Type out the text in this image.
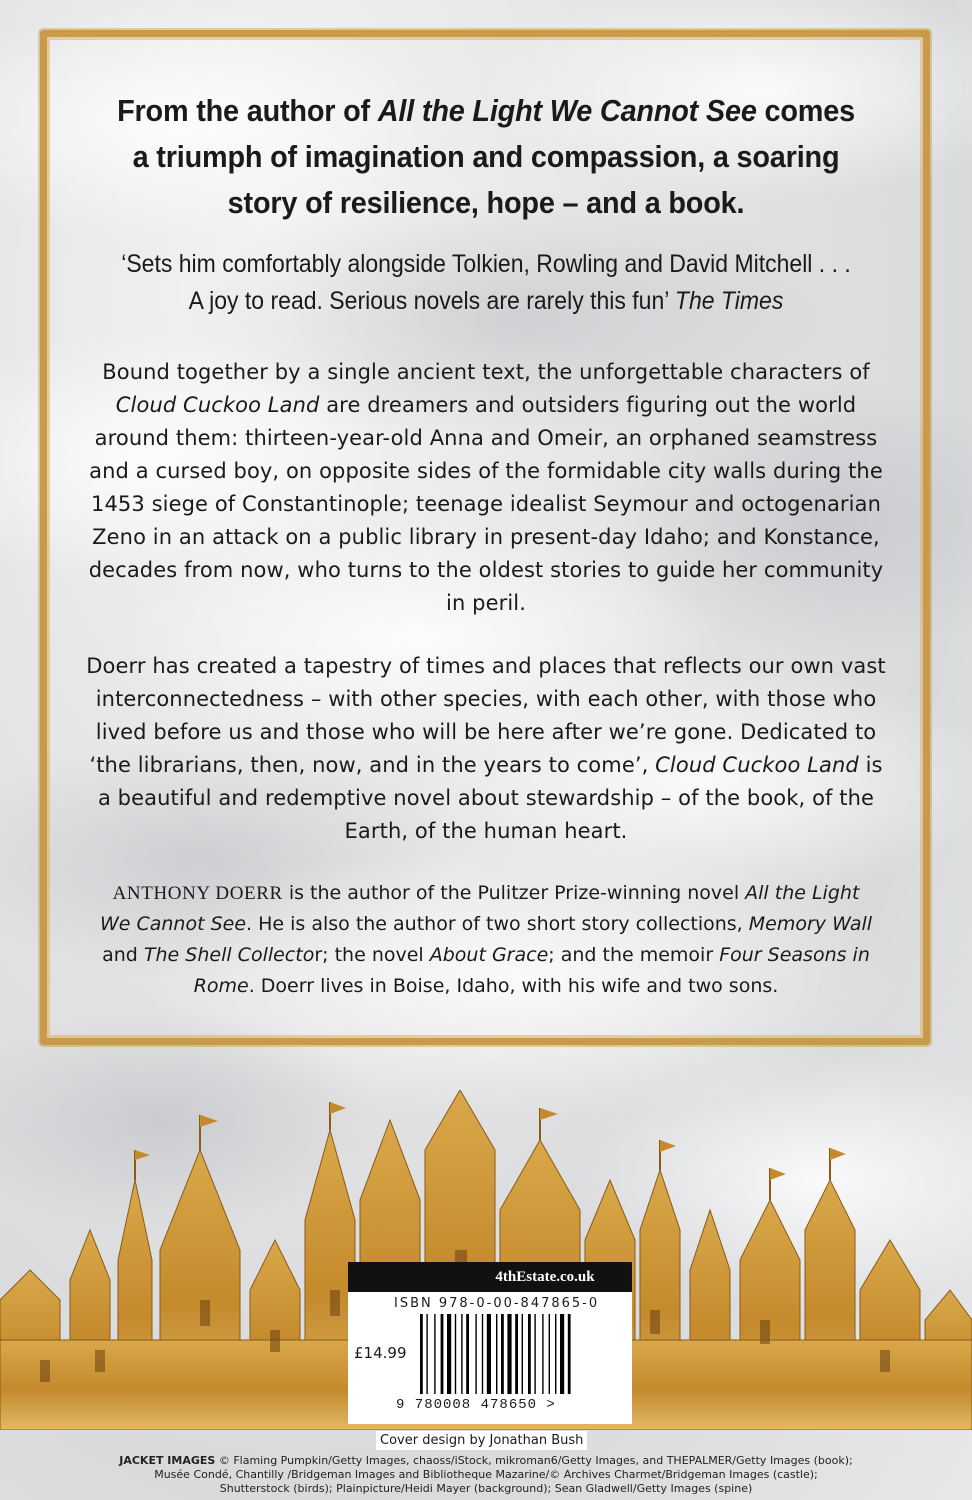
From the author of All the Light We Cannot See comes a triumph of imagination and compassion, a soaring story of resilience, hope – and a book.

‘Sets him comfortably alongside Tolkien, Rowling and David Mitchell . . . A joy to read. Serious novels are rarely this fun’ The Times

Bound together by a single ancient text, the unforgettable characters of Cloud Cuckoo Land are dreamers and outsiders figuring out the world around them: thirteen-year-old Anna and Omeir, an orphaned seamstress and a cursed boy, on opposite sides of the formidable city walls during the 1453 siege of Constantinople; teenage idealist Seymour and octogenarian Zeno in an attack on a public library in present-day Idaho; and Konstance, decades from now, who turns to the oldest stories to guide her community in peril.

Doerr has created a tapestry of times and places that reflects our own vast interconnectedness – with other species, with each other, with those who lived before us and those who will be here after we’re gone. Dedicated to ‘the librarians, then, now, and in the years to come’, Cloud Cuckoo Land is a beautiful and redemptive novel about stewardship – of the book, of the Earth, of the human heart.

ANTHONY DOERR is the author of the Pulitzer Prize-winning novel All the Light We Cannot See. He is also the author of two short story collections, Memory Wall and The Shell Collector; the novel About Grace; and the memoir Four Seasons in Rome. Doerr lives in Boise, Idaho, with his wife and two sons.

4thEstate.co.uk
ISBN 978-0-00-847865-0
£14.99
9 780008 478650 >
Cover design by Jonathan Bush
JACKET IMAGES © Flaming Pumpkin/Getty Images, chaoss/iStock, mikroman6/Getty Images, and THEPALMER/Getty Images (book);
Musée Condé, Chantilly /Bridgeman Images and Bibliotheque Mazarine/© Archives Charmet/Bridgeman Images (castle);
Shutterstock (birds); Plainpicture/Heidi Mayer (background); Sean Gladwell/Getty Images (spine)
